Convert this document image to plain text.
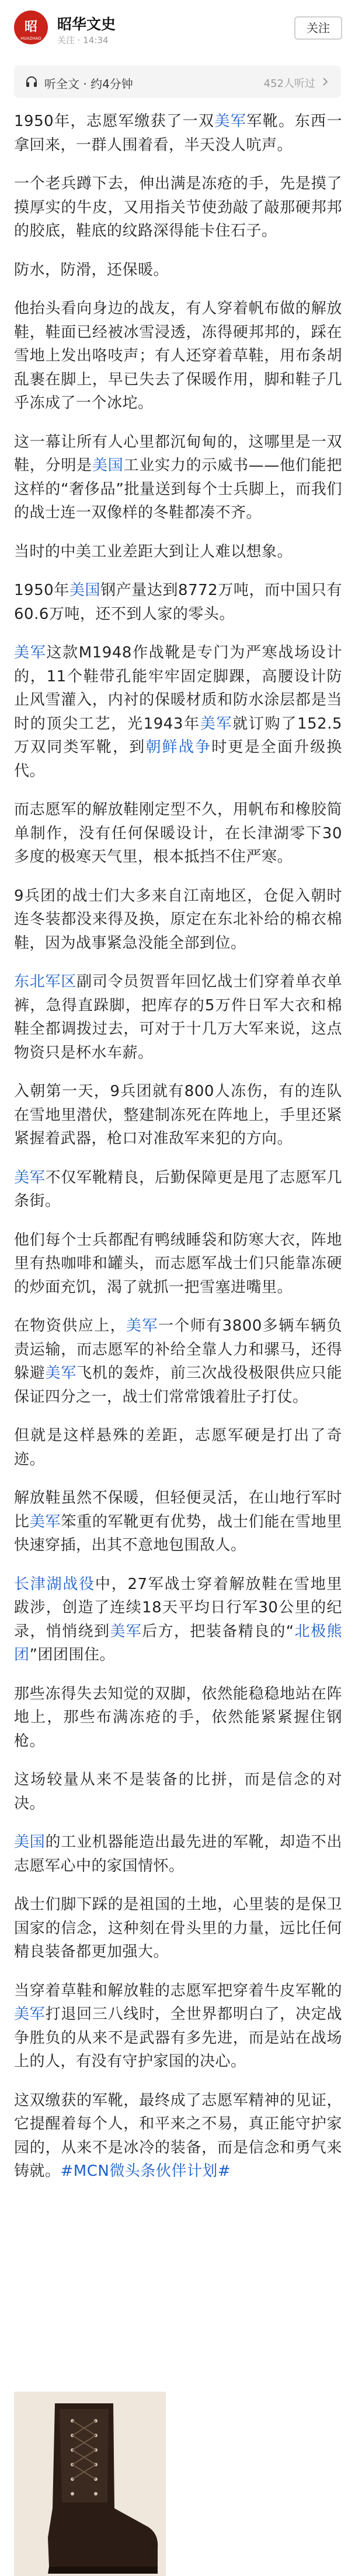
昭
HUAZHAO
昭华文史
关注 · 14:34
关注
听全文 · 约4分钟	452人听过

1950年，志愿军缴获了一双美军军靴。东西一拿回来，一群人围着看，半天没人吭声。

一个老兵蹲下去，伸出满是冻疮的手，先是摸了摸厚实的牛皮，又用指关节使劲敲了敲那硬邦邦的胶底，鞋底的纹路深得能卡住石子。

防水，防滑，还保暖。

他抬头看向身边的战友，有人穿着帆布做的解放鞋，鞋面已经被冰雪浸透，冻得硬邦邦的，踩在雪地上发出咯吱声；有人还穿着草鞋，用布条胡乱裹在脚上，早已失去了保暖作用，脚和鞋子几乎冻成了一个冰坨。

这一幕让所有人心里都沉甸甸的，这哪里是一双鞋，分明是美国工业实力的示威书——他们能把这样的“奢侈品”批量送到每个士兵脚上，而我们的战士连一双像样的冬鞋都凑不齐。

当时的中美工业差距大到让人难以想象。

1950年美国钢产量达到8772万吨，而中国只有60.6万吨，还不到人家的零头。

美军这款M1948作战靴是专门为严寒战场设计的，11个鞋带孔能牢牢固定脚踝，高腰设计防止风雪灌入，内衬的保暖材质和防水涂层都是当时的顶尖工艺，光1943年美军就订购了152.5万双同类军靴，到朝鲜战争时更是全面升级换代。

而志愿军的解放鞋刚定型不久，用帆布和橡胶简单制作，没有任何保暖设计，在长津湖零下30多度的极寒天气里，根本抵挡不住严寒。

9兵团的战士们大多来自江南地区，仓促入朝时连冬装都没来得及换，原定在东北补给的棉衣棉鞋，因为战事紧急没能全部到位。

东北军区副司令员贺晋年回忆战士们穿着单衣单裤，急得直跺脚，把库存的5万件日军大衣和棉鞋全都调拨过去，可对于十几万大军来说，这点物资只是杯水车薪。

入朝第一天，9兵团就有800人冻伤，有的连队在雪地里潜伏，整建制冻死在阵地上，手里还紧紧握着武器，枪口对准敌军来犯的方向。

美军不仅军靴精良，后勤保障更是甩了志愿军几条街。

他们每个士兵都配有鸭绒睡袋和防寒大衣，阵地里有热咖啡和罐头，而志愿军战士们只能靠冻硬的炒面充饥，渴了就抓一把雪塞进嘴里。

在物资供应上，美军一个师有3800多辆车辆负责运输，而志愿军的补给全靠人力和骡马，还得躲避美军飞机的轰炸，前三次战役极限供应只能保证四分之一，战士们常常饿着肚子打仗。

但就是这样悬殊的差距，志愿军硬是打出了奇迹。

解放鞋虽然不保暖，但轻便灵活，在山地行军时比美军笨重的军靴更有优势，战士们能在雪地里快速穿插，出其不意地包围敌人。

长津湖战役中，27军战士穿着解放鞋在雪地里跋涉，创造了连续18天平均日行军30公里的纪录，悄悄绕到美军后方，把装备精良的“北极熊团”团团围住。

那些冻得失去知觉的双脚，依然能稳稳地站在阵地上，那些布满冻疮的手，依然能紧紧握住钢枪。

这场较量从来不是装备的比拼，而是信念的对决。

美国的工业机器能造出最先进的军靴，却造不出志愿军心中的家国情怀。

战士们脚下踩的是祖国的土地，心里装的是保卫国家的信念，这种刻在骨头里的力量，远比任何精良装备都更加强大。

当穿着草鞋和解放鞋的志愿军把穿着牛皮军靴的美军打退回三八线时，全世界都明白了，决定战争胜负的从来不是武器有多先进，而是站在战场上的人，有没有守护家国的决心。

这双缴获的军靴，最终成了志愿军精神的见证，它提醒着每个人，和平来之不易，真正能守护家园的，从来不是冰冷的装备，而是信念和勇气来铸就。#MCN微头条伙伴计划#
